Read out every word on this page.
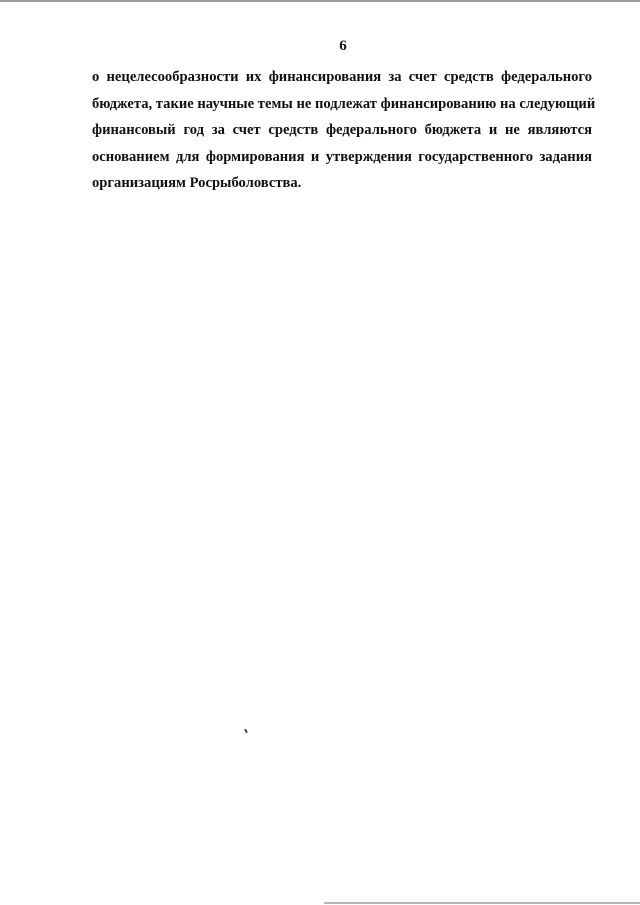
6

о нецелесообразности их финансирования за счет средств федерального
бюджета, такие научные темы не подлежат финансированию на следующий
финансовый год за счет средств федерального бюджета и не являются
основанием для формирования и утверждения государственного задания
организациям Росрыболовства.
